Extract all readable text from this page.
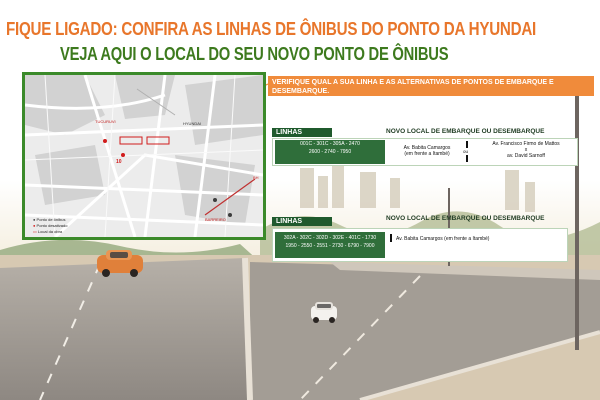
FIQUE LIGADO: CONFIRA AS LINHAS DE ÔNIBUS DO PONTO DA HYUNDAI
VEJA AQUI O LOCAL DO SEU NOVO PONTO DE ÔNIBUS
TUCURUVI	HYUNDAI
BARREIRO
BH
10
● Ponto de ônibus
● Ponto desativado
▭ Local da obra
VERIFIQUE QUAL A SUA LINHA E AS ALTERNATIVAS DE PONTOS DE EMBARQUE E DESEMBARQUE.
LINHAS	NOVO LOCAL DE EMBARQUE OU DESEMBARQUE
001C - 301C - 305A - 2470
2600 - 2740 - 7950
Av. Babita Camargos
(em frente a Itambé)	ou
Av. Francisco Firmo de Mattos
x
av. David Sarnoff
LINHAS	NOVO LOCAL DE EMBARQUE OU DESEMBARQUE
302A - 302C - 302D - 302E - 401C - 1730
1950 - 2550 - 2551 - 2730 - 6790 - 7900
Av. Babita Camargos (em frente a Itambé)
